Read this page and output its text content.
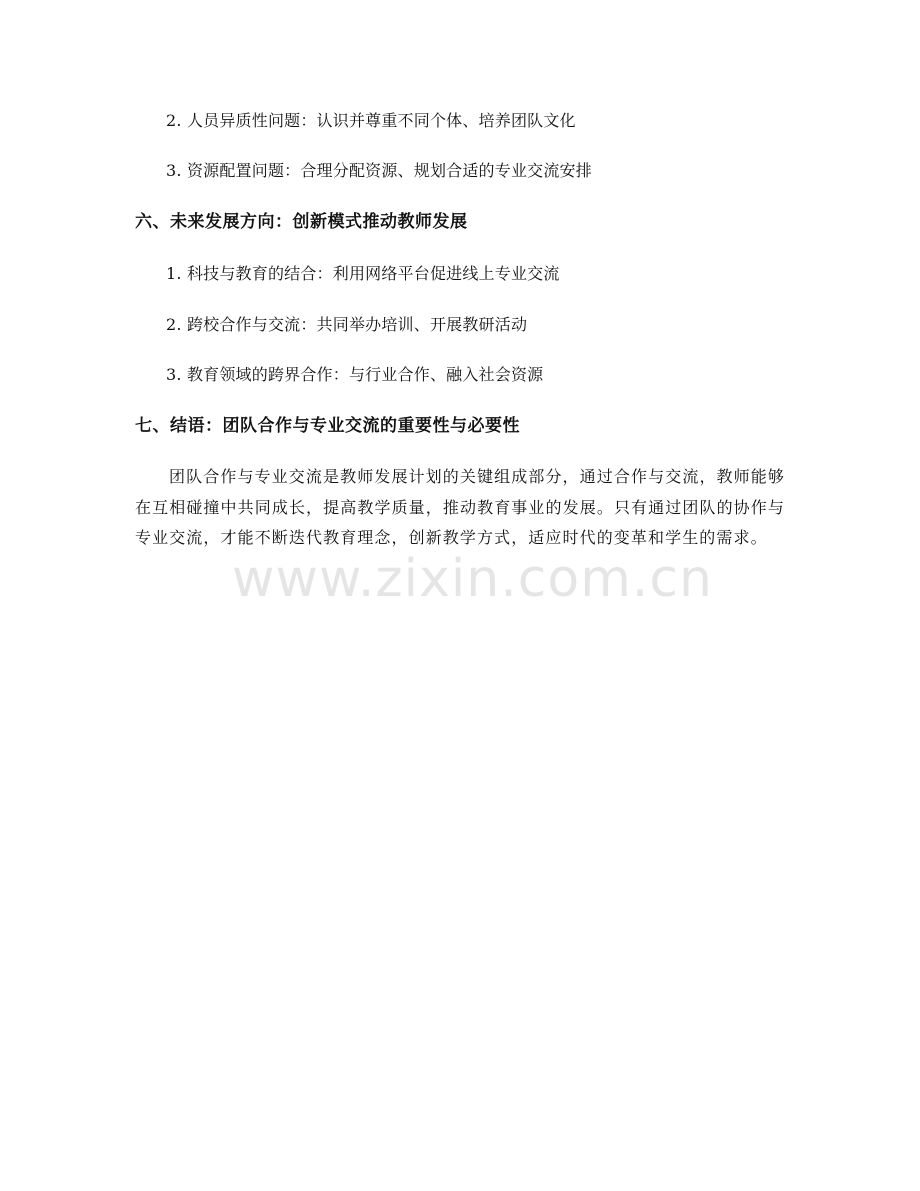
2. 人员异质性问题：认识并尊重不同个体、培养团队文化
3. 资源配置问题：合理分配资源、规划合适的专业交流安排
六、未来发展方向：创新模式推动教师发展
1. 科技与教育的结合：利用网络平台促进线上专业交流
2. 跨校合作与交流：共同举办培训、开展教研活动
3. 教育领域的跨界合作：与行业合作、融入社会资源
七、结语：团队合作与专业交流的重要性与必要性
团队合作与专业交流是教师发展计划的关键组成部分，通过合作与交流，教师能够在互相碰撞中共同成长，提高教学质量，推动教育事业的发展。只有通过团队的协作与专业交流，才能不断迭代教育理念，创新教学方式，适应时代的变革和学生的需求。
www.zixin.com.cn
